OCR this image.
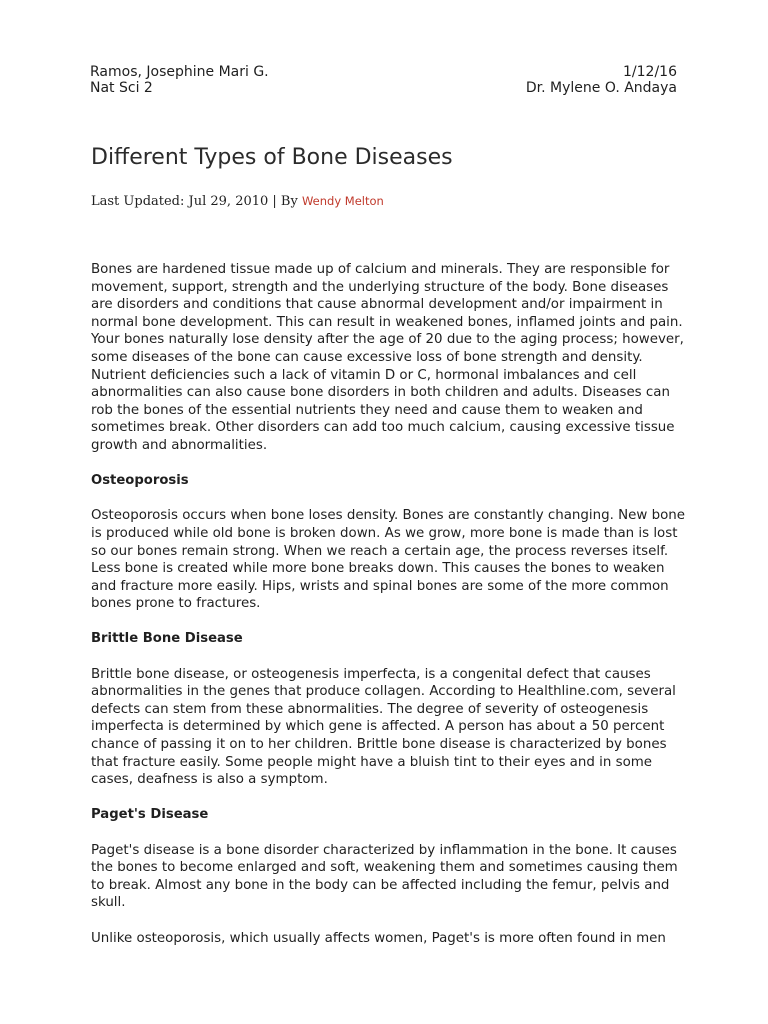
Ramos, Josephine Mari G.	1/12/16
Nat Sci 2	Dr. Mylene O. Andaya
Different Types of Bone Diseases
Last Updated: Jul 29, 2010 | By Wendy Melton

Bones are hardened tissue made up of calcium and minerals. They are responsible for movement, support, strength and the underlying structure of the body. Bone diseases are disorders and conditions that cause abnormal development and/or impairment in normal bone development. This can result in weakened bones, inflamed joints and pain. Your bones naturally lose density after the age of 20 due to the aging process; however, some diseases of the bone can cause excessive loss of bone strength and density. Nutrient deficiencies such a lack of vitamin D or C, hormonal imbalances and cell abnormalities can also cause bone disorders in both children and adults. Diseases can rob the bones of the essential nutrients they need and cause them to weaken and sometimes break. Other disorders can add too much calcium, causing excessive tissue growth and abnormalities.

Osteoporosis

Osteoporosis occurs when bone loses density. Bones are constantly changing. New bone is produced while old bone is broken down. As we grow, more bone is made than is lost so our bones remain strong. When we reach a certain age, the process reverses itself. Less bone is created while more bone breaks down. This causes the bones to weaken and fracture more easily. Hips, wrists and spinal bones are some of the more common bones prone to fractures.

Brittle Bone Disease

Brittle bone disease, or osteogenesis imperfecta, is a congenital defect that causes abnormalities in the genes that produce collagen. According to Healthline.com, several defects can stem from these abnormalities. The degree of severity of osteogenesis imperfecta is determined by which gene is affected. A person has about a 50 percent chance of passing it on to her children. Brittle bone disease is characterized by bones that fracture easily. Some people might have a bluish tint to their eyes and in some cases, deafness is also a symptom.

Paget's Disease

Paget's disease is a bone disorder characterized by inflammation in the bone. It causes the bones to become enlarged and soft, weakening them and sometimes causing them to break. Almost any bone in the body can be affected including the femur, pelvis and skull.

Unlike osteoporosis, which usually affects women, Paget's is more often found in men
